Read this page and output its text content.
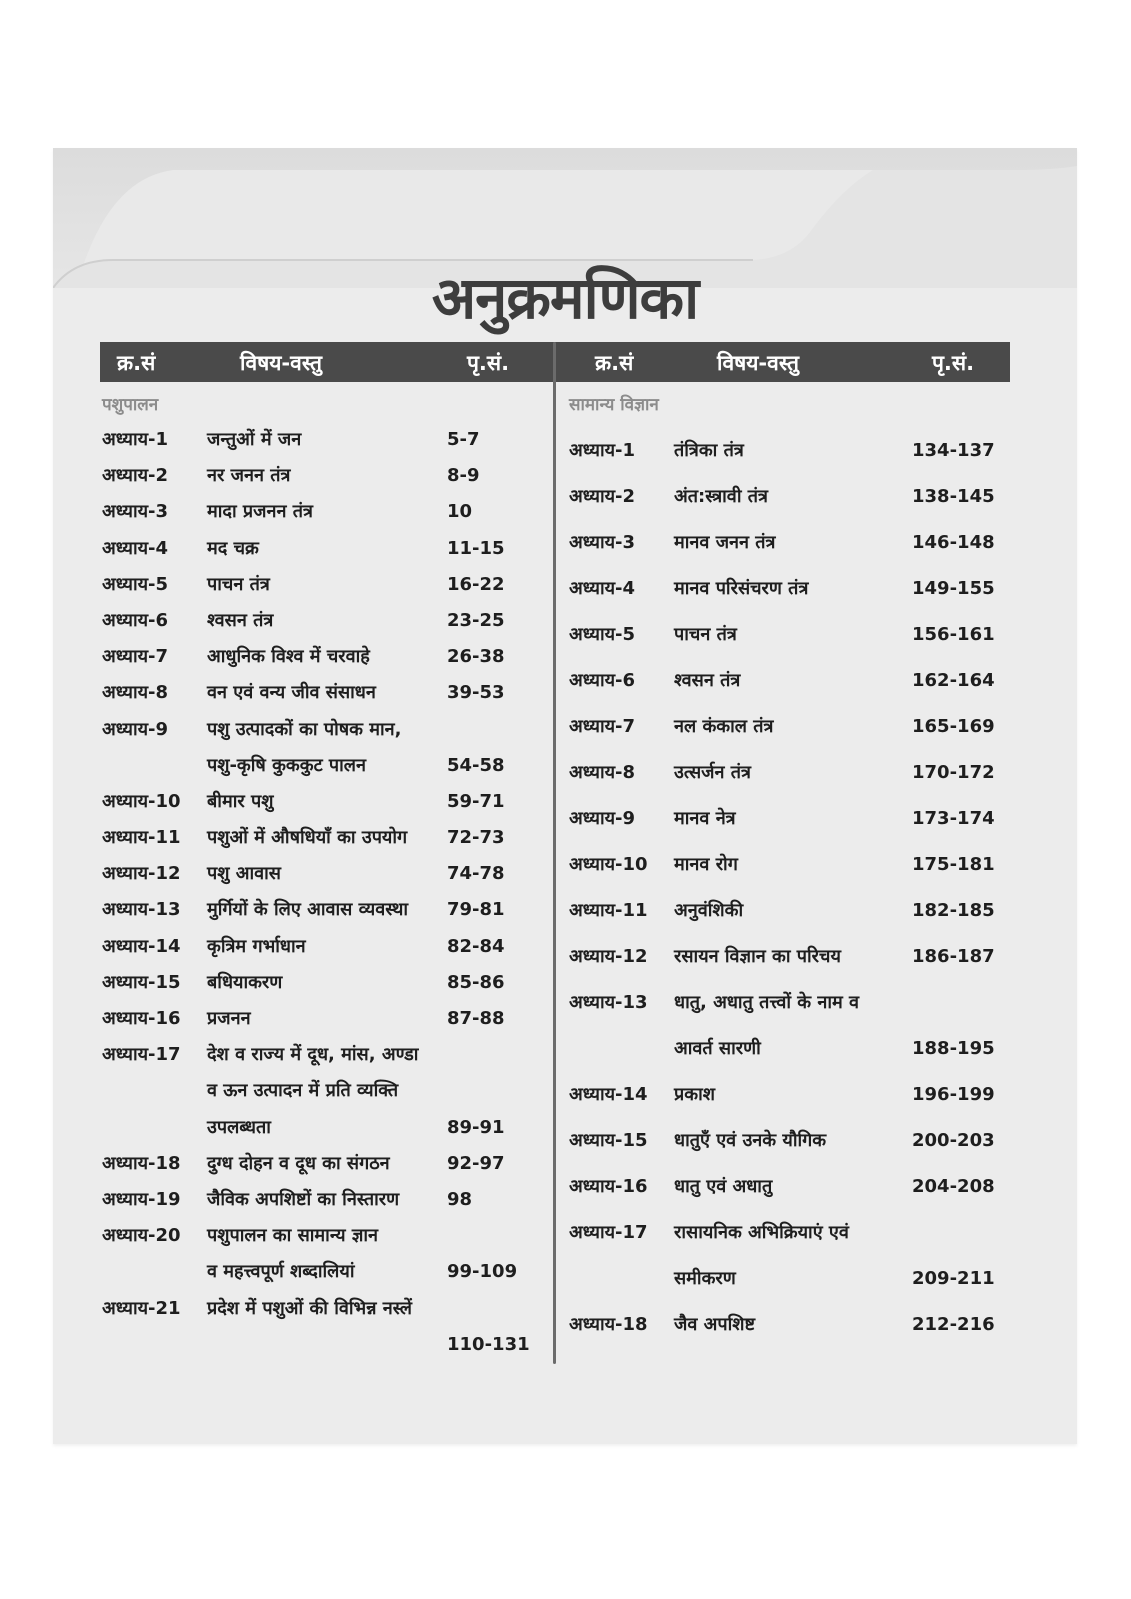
अनुक्रमणिका
क्र.सं	विषय-वस्तु	पृ.सं.	क्र.सं	विषय-वस्तु	पृ.सं.
पशुपालन
अध्याय-1 जन्तुओं में जन	5-7
अध्याय-2 नर जनन तंत्र	8-9
अध्याय-3 मादा प्रजनन तंत्र	10
अध्याय-4 मद चक्र	11-15
अध्याय-5 पाचन तंत्र	16-22
अध्याय-6 श्वसन तंत्र	23-25
अध्याय-7 आधुनिक विश्व में चरवाहे	26-38
अध्याय-8 वन एवं वन्य जीव संसाधन	39-53
अध्याय-9 पशु उत्पादकों का पोषक मान,
पशु-कृषि कुककुट पालन	54-58
अध्याय-10 बीमार पशु	59-71
अध्याय-11 पशुओं में औषधियाँ का उपयोग 72-73
अध्याय-12 पशु आवास	74-78
अध्याय-13 मुर्गियों के लिए आवास व्यवस्था 79-81
अध्याय-14 कृत्रिम गर्भाधान	82-84
अध्याय-15 बधियाकरण	85-86
अध्याय-16 प्रजनन	87-88
अध्याय-17 देश व राज्य में दूध, मांस, अण्डा
व ऊन उत्पादन में प्रति व्यक्ति
उपलब्धता	89-91
अध्याय-18 दुग्ध दोहन व दूध का संगठन	92-97
अध्याय-19 जैविक अपशिष्टों का निस्तारण	98
अध्याय-20 पशुपालन का सामान्य ज्ञान
व महत्त्वपूर्ण शब्दालियां	99-109
अध्याय-21 प्रदेश में पशुओं की विभिन्न नस्लें
110-131
सामान्य विज्ञान
अध्याय-1 तंत्रिका तंत्र	134-137
अध्याय-2 अंत:स्त्रावी तंत्र	138-145
अध्याय-3 मानव जनन तंत्र	146-148
अध्याय-4 मानव परिसंचरण तंत्र	149-155
अध्याय-5 पाचन तंत्र	156-161
अध्याय-6 श्वसन तंत्र	162-164
अध्याय-7 नल कंकाल तंत्र	165-169
अध्याय-8 उत्सर्जन तंत्र	170-172
अध्याय-9 मानव नेत्र	173-174
अध्याय-10 मानव रोग	175-181
अध्याय-11 अनुवंशिकी	182-185
अध्याय-12 रसायन विज्ञान का परिचय	186-187
अध्याय-13 धातु, अधातु तत्त्वों के नाम व
आवर्त सारणी	188-195
अध्याय-14 प्रकाश	196-199
अध्याय-15 धातुएँ एवं उनके यौगिक	200-203
अध्याय-16 धातु एवं अधातु	204-208
अध्याय-17 रासायनिक अभिक्रियाएं एवं
समीकरण	209-211
अध्याय-18 जैव अपशिष्ट	212-216
